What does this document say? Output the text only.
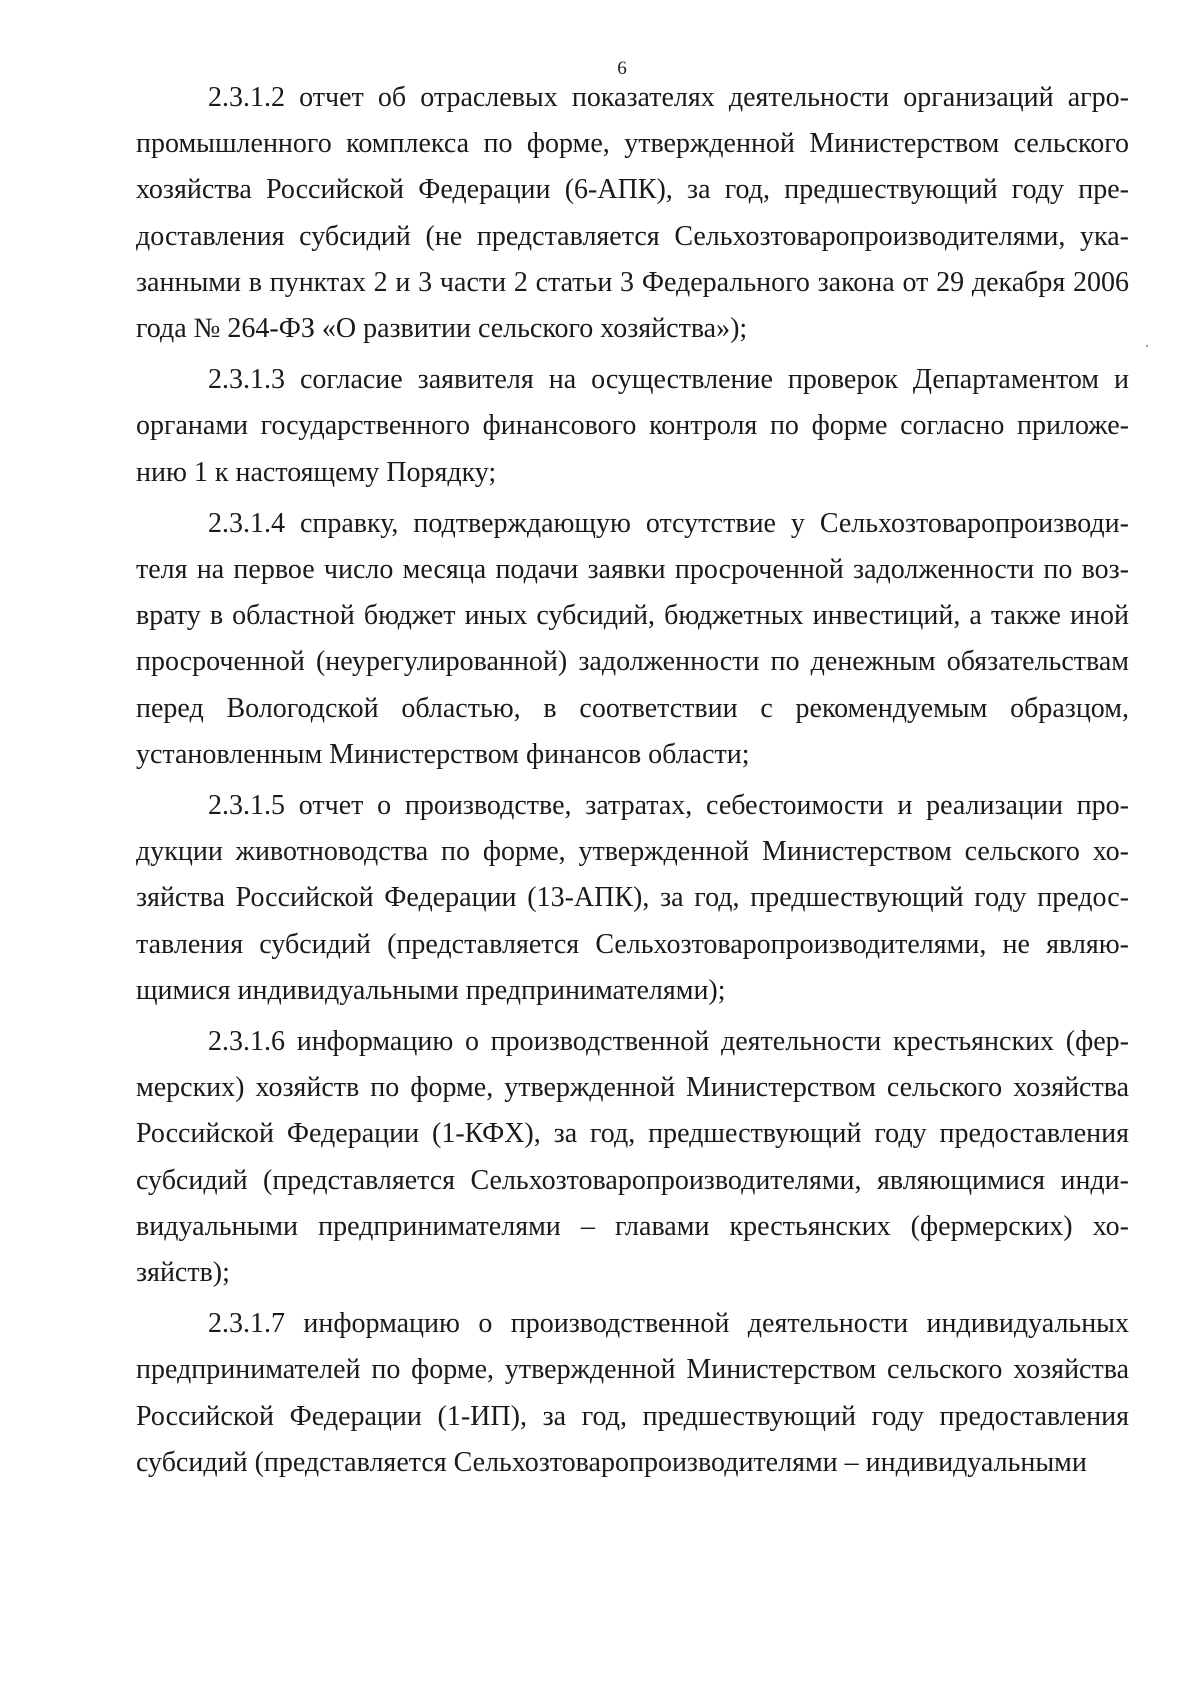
6

2.3.1.2 отчет об отраслевых показателях деятельности организаций агропромышленного комплекса по форме, утвержденной Министерством сельского хозяйства Российской Федерации (6-АПК), за год, предшествующий году предоставления субсидий (не представляется Сельхозтоваропроизводителями, указанными в пунктах 2 и 3 части 2 статьи 3 Федерального закона от 29 декабря 2006 года № 264-ФЗ «О развитии сельского хозяйства»);

2.3.1.3 согласие заявителя на осуществление проверок Департаментом и органами государственного финансового контроля по форме согласно приложению 1 к настоящему Порядку;

2.3.1.4 справку, подтверждающую отсутствие у Сельхозтоваропроизводителя на первое число месяца подачи заявки просроченной задолженности по возврату в областной бюджет иных субсидий, бюджетных инвестиций, а также иной просроченной (неурегулированной) задолженности по денежным обязательствам перед Вологодской областью, в соответствии с рекомендуемым образцом, установленным Министерством финансов области;

2.3.1.5 отчет о производстве, затратах, себестоимости и реализации продукции животноводства по форме, утвержденной Министерством сельского хозяйства Российской Федерации (13-АПК), за год, предшествующий году предоставления субсидий (представляется Сельхозтоваропроизводителями, не являющимися индивидуальными предпринимателями);

2.3.1.6 информацию о производственной деятельности крестьянских (фермерских) хозяйств по форме, утвержденной Министерством сельского хозяйства Российской Федерации (1-КФХ), за год, предшествующий году предоставления субсидий (представляется Сельхозтоваропроизводителями, являющимися индивидуальными предпринимателями – главами крестьянских (фермерских) хозяйств);

2.3.1.7 информацию о производственной деятельности индивидуальных предпринимателей по форме, утвержденной Министерством сельского хозяйства Российской Федерации (1-ИП), за год, предшествующий году предоставления субсидий (представляется Сельхозтоваропроизводителями – индивидуальными
